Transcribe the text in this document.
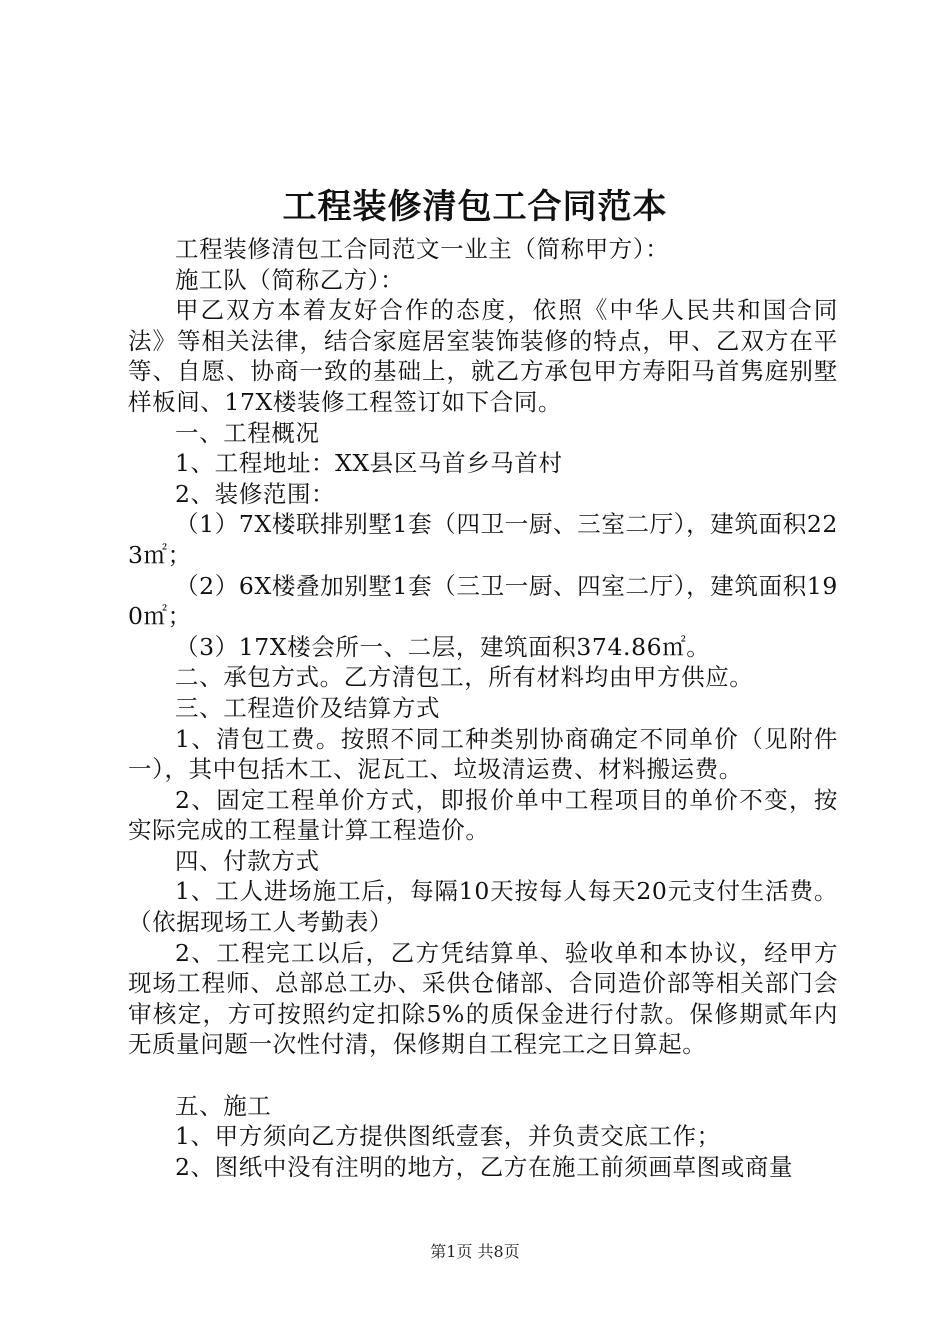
工程装修清包工合同范本

工程装修清包工合同范文一业主（简称甲方）：

施工队（简称乙方）：

甲乙双方本着友好合作的态度，依照《中华人民共和国合同法》等相关法律，结合家庭居室装饰装修的特点，甲、乙双方在平等、自愿、协商一致的基础上，就乙方承包甲方寿阳马首隽庭别墅样板间、17X楼装修工程签订如下合同。

一、工程概况

1、工程地址：XX县区马首乡马首村

2、装修范围：

（1）7X楼联排别墅1套（四卫一厨、三室二厅），建筑面积223㎡；

（2）6X楼叠加别墅1套（三卫一厨、四室二厅），建筑面积190㎡；

（3）17X楼会所一、二层，建筑面积374.86㎡。

二、承包方式。乙方清包工，所有材料均由甲方供应。

三、工程造价及结算方式

1、清包工费。按照不同工种类别协商确定不同单价（见附件一），其中包括木工、泥瓦工、垃圾清运费、材料搬运费。

2、固定工程单价方式，即报价单中工程项目的单价不变，按实际完成的工程量计算工程造价。

四、付款方式

1、工人进场施工后，每隔10天按每人每天20元支付生活费。（依据现场工人考勤表）

2、工程完工以后，乙方凭结算单、验收单和本协议，经甲方现场工程师、总部总工办、采供仓储部、合同造价部等相关部门会审核定，方可按照约定扣除5%的质保金进行付款。保修期贰年内无质量问题一次性付清，保修期自工程完工之日算起。

五、施工

1、甲方须向乙方提供图纸壹套，并负责交底工作；

2、图纸中没有注明的地方，乙方在施工前须画草图或商量

第1页 共8页
